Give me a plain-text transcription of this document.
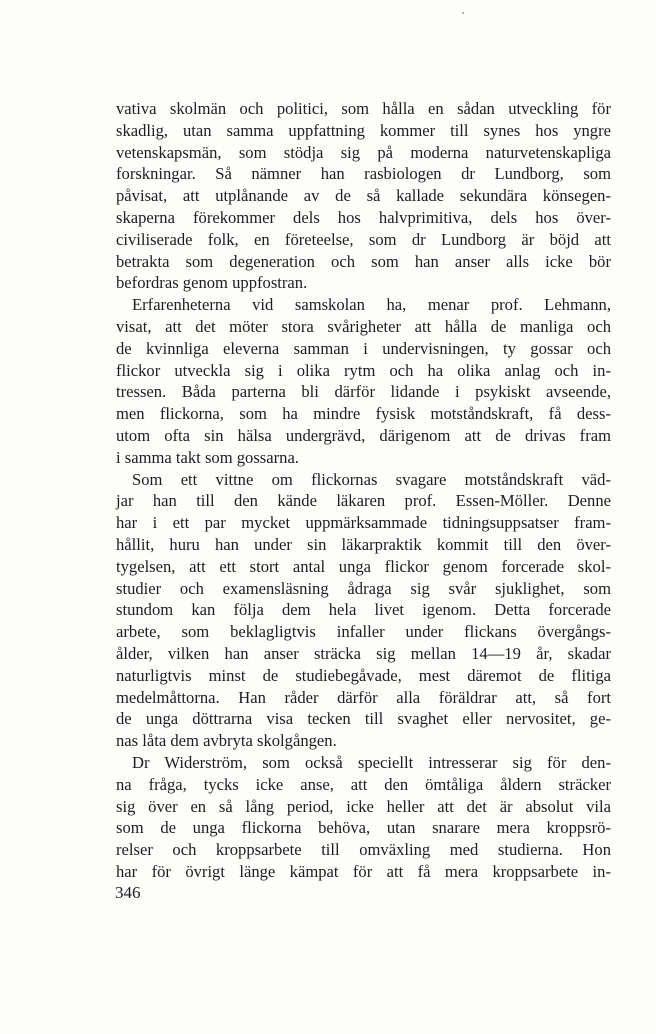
vativa skolmän och politici, som hålla en sådan utveckling för
skadlig, utan samma uppfattning kommer till synes hos yngre
vetenskapsmän, som stödja sig på moderna naturvetenskapliga
forskningar. Så nämner han rasbiologen dr Lundborg, som
påvisat, att utplånande av de så kallade sekundära könsegen-
skaperna förekommer dels hos halvprimitiva, dels hos över-
civiliserade folk, en företeelse, som dr Lundborg är böjd att
betrakta som degeneration och som han anser alls icke bör
befordras genom uppfostran.
Erfarenheterna vid samskolan ha, menar prof. Lehmann,
visat, att det möter stora svårigheter att hålla de manliga och
de kvinnliga eleverna samman i undervisningen, ty gossar och
flickor utveckla sig i olika rytm och ha olika anlag och in-
tressen. Båda parterna bli därför lidande i psykiskt avseende,
men flickorna, som ha mindre fysisk motståndskraft, få dess-
utom ofta sin hälsa undergrävd, därigenom att de drivas fram
i samma takt som gossarna.
Som ett vittne om flickornas svagare motståndskraft väd-
jar han till den kände läkaren prof. Essen-Möller. Denne
har i ett par mycket uppmärksammade tidningsuppsatser fram-
hållit, huru han under sin läkarpraktik kommit till den över-
tygelsen, att ett stort antal unga flickor genom forcerade skol-
studier och examensläsning ådraga sig svår sjuklighet, som
stundom kan följa dem hela livet igenom. Detta forcerade
arbete, som beklagligtvis infaller under flickans övergångs-
ålder, vilken han anser sträcka sig mellan 14—19 år, skadar
naturligtvis minst de studiebegåvade, mest däremot de flitiga
medelmåttorna. Han råder därför alla föräldrar att, så fort
de unga döttrarna visa tecken till svaghet eller nervositet, ge-
nas låta dem avbryta skolgången.
Dr Widerström, som också speciellt intresserar sig för den-
na fråga, tycks icke anse, att den ömtåliga åldern sträcker
sig över en så lång period, icke heller att det är absolut vila
som de unga flickorna behöva, utan snarare mera kroppsrö-
relser och kroppsarbete till omväxling med studierna. Hon
har för övrigt länge kämpat för att få mera kroppsarbete in-
346
